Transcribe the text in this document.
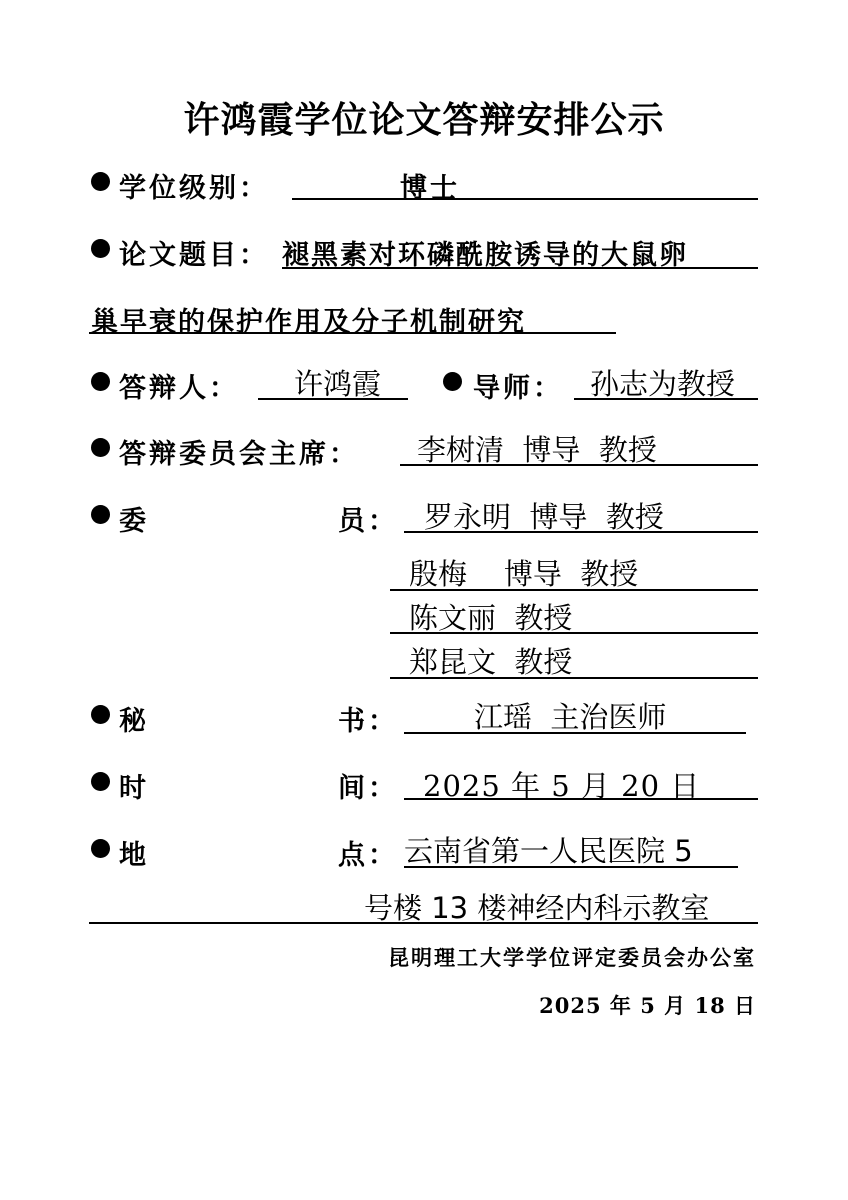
许鸿霞学位论文答辩安排公示
学位级别：	博士
论文题目： 褪黑素对环磷酰胺诱导的大鼠卵
巢早衰的保护作用及分子机制研究
答辩人： 许鸿霞	导师： 孙志为教授
答辩委员会主席： 李树清  博导  教授
委	员： 罗永明  博导  教授
殷梅    博导  教授
陈文丽  教授
郑昆文  教授
秘	书：	江瑶  主治医师
时	间： 2025 年 5 月 20 日
地	点： 云南省第一人民医院 5
号楼 13 楼神经内科示教室
昆明理工大学学位评定委员会办公室
2025 年 5 月 18 日
